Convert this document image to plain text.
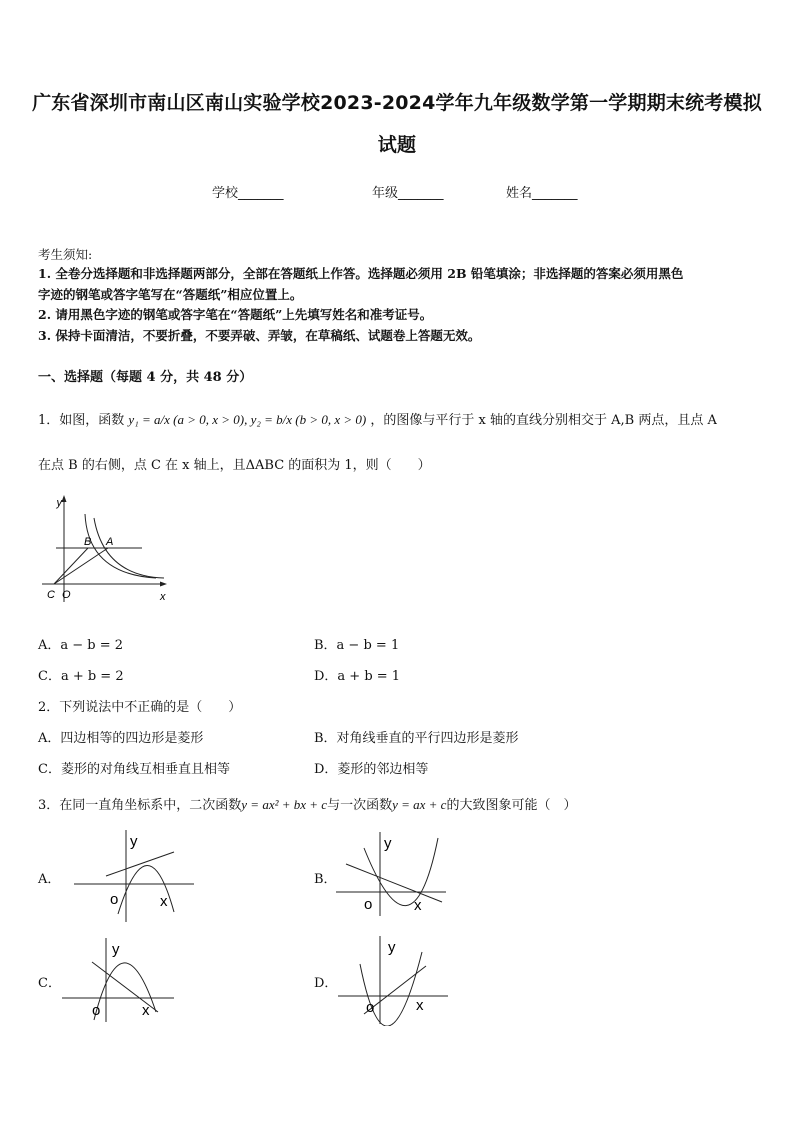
广东省深圳市南山区南山实验学校2023-2024学年九年级数学第一学期期末统考模拟
试题
学校_______	年级_______	姓名_______
考生须知:
1. 全卷分选择题和非选择题两部分，全部在答题纸上作答。选择题必须用 2B 铅笔填涂；非选择题的答案必须用黑色
字迹的钢笔或答字笔写在“答题纸”相应位置上。
2. 请用黑色字迹的钢笔或答字笔在“答题纸”上先填写姓名和准考证号。
3. 保持卡面清洁，不要折叠，不要弄破、弄皱，在草稿纸、试题卷上答题无效。
一、选择题（每题 4 分，共 48 分）
1．如图，函数 y₁ = a/x (a > 0, x > 0), y₂ = b/x (b > 0, x > 0) ，的图像与平行于 x 轴的直线分别相交于 A,B 两点，且点 A
在点 B 的右侧，点 C 在 x 轴上，且ΔABC 的面积为 1，则（　　）
y
x
B A
C O
A．a − b = 2	B．a − b = 1
C．a + b = 2	D．a + b = 1
2．下列说法中不正确的是（　　）
A．四边相等的四边形是菱形	B．对角线垂直的平行四边形是菱形
C．菱形的对角线互相垂直且相等	D．菱形的邻边相等
3．在同一直角坐标系中，二次函数y = ax² + bx + c与一次函数y = ax + c的大致图象可能（　）
A．	B．
C．	D．
y
o	x
y
o	x
y
o	x
y
o	x
